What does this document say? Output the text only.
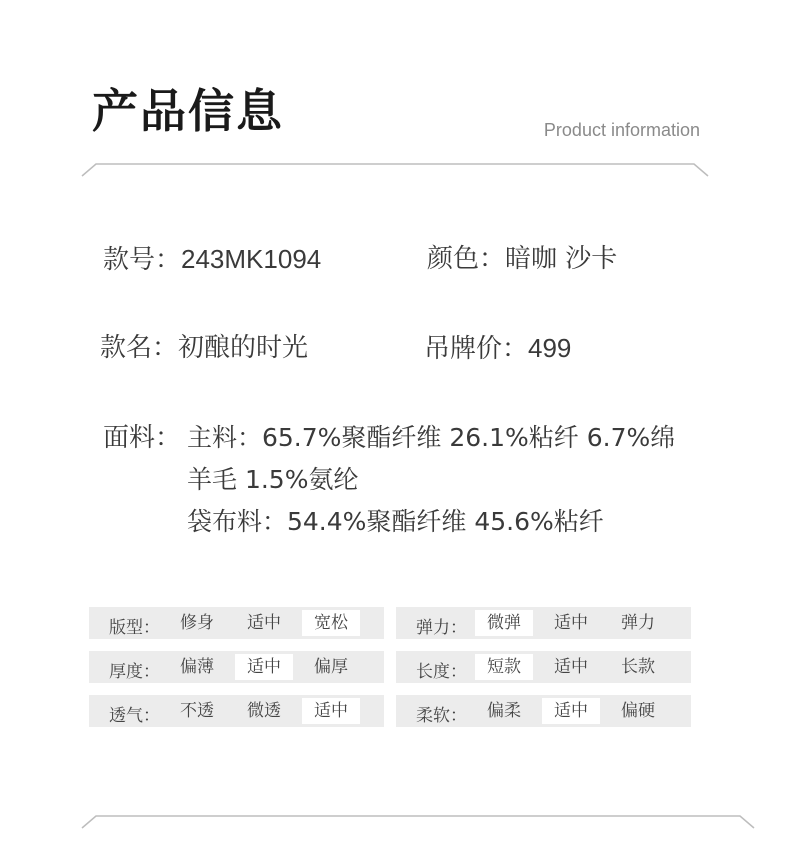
产品信息	Product information
款号：243MK1094	颜色：暗咖 沙卡
款名：初酿的时光	吊牌价：499
面料： 主料：65.7%聚酯纤维 26.1%粘纤 6.7%绵
羊毛 1.5%氨纶
袋布料：54.4%聚酯纤维 45.6%粘纤
版型：	修身	适中	宽松	弹力：	微弹	适中	弹力
厚度：	偏薄	适中	偏厚	长度：	短款	适中	长款
透气：	不透	微透	适中	柔软：	偏柔	适中	偏硬
